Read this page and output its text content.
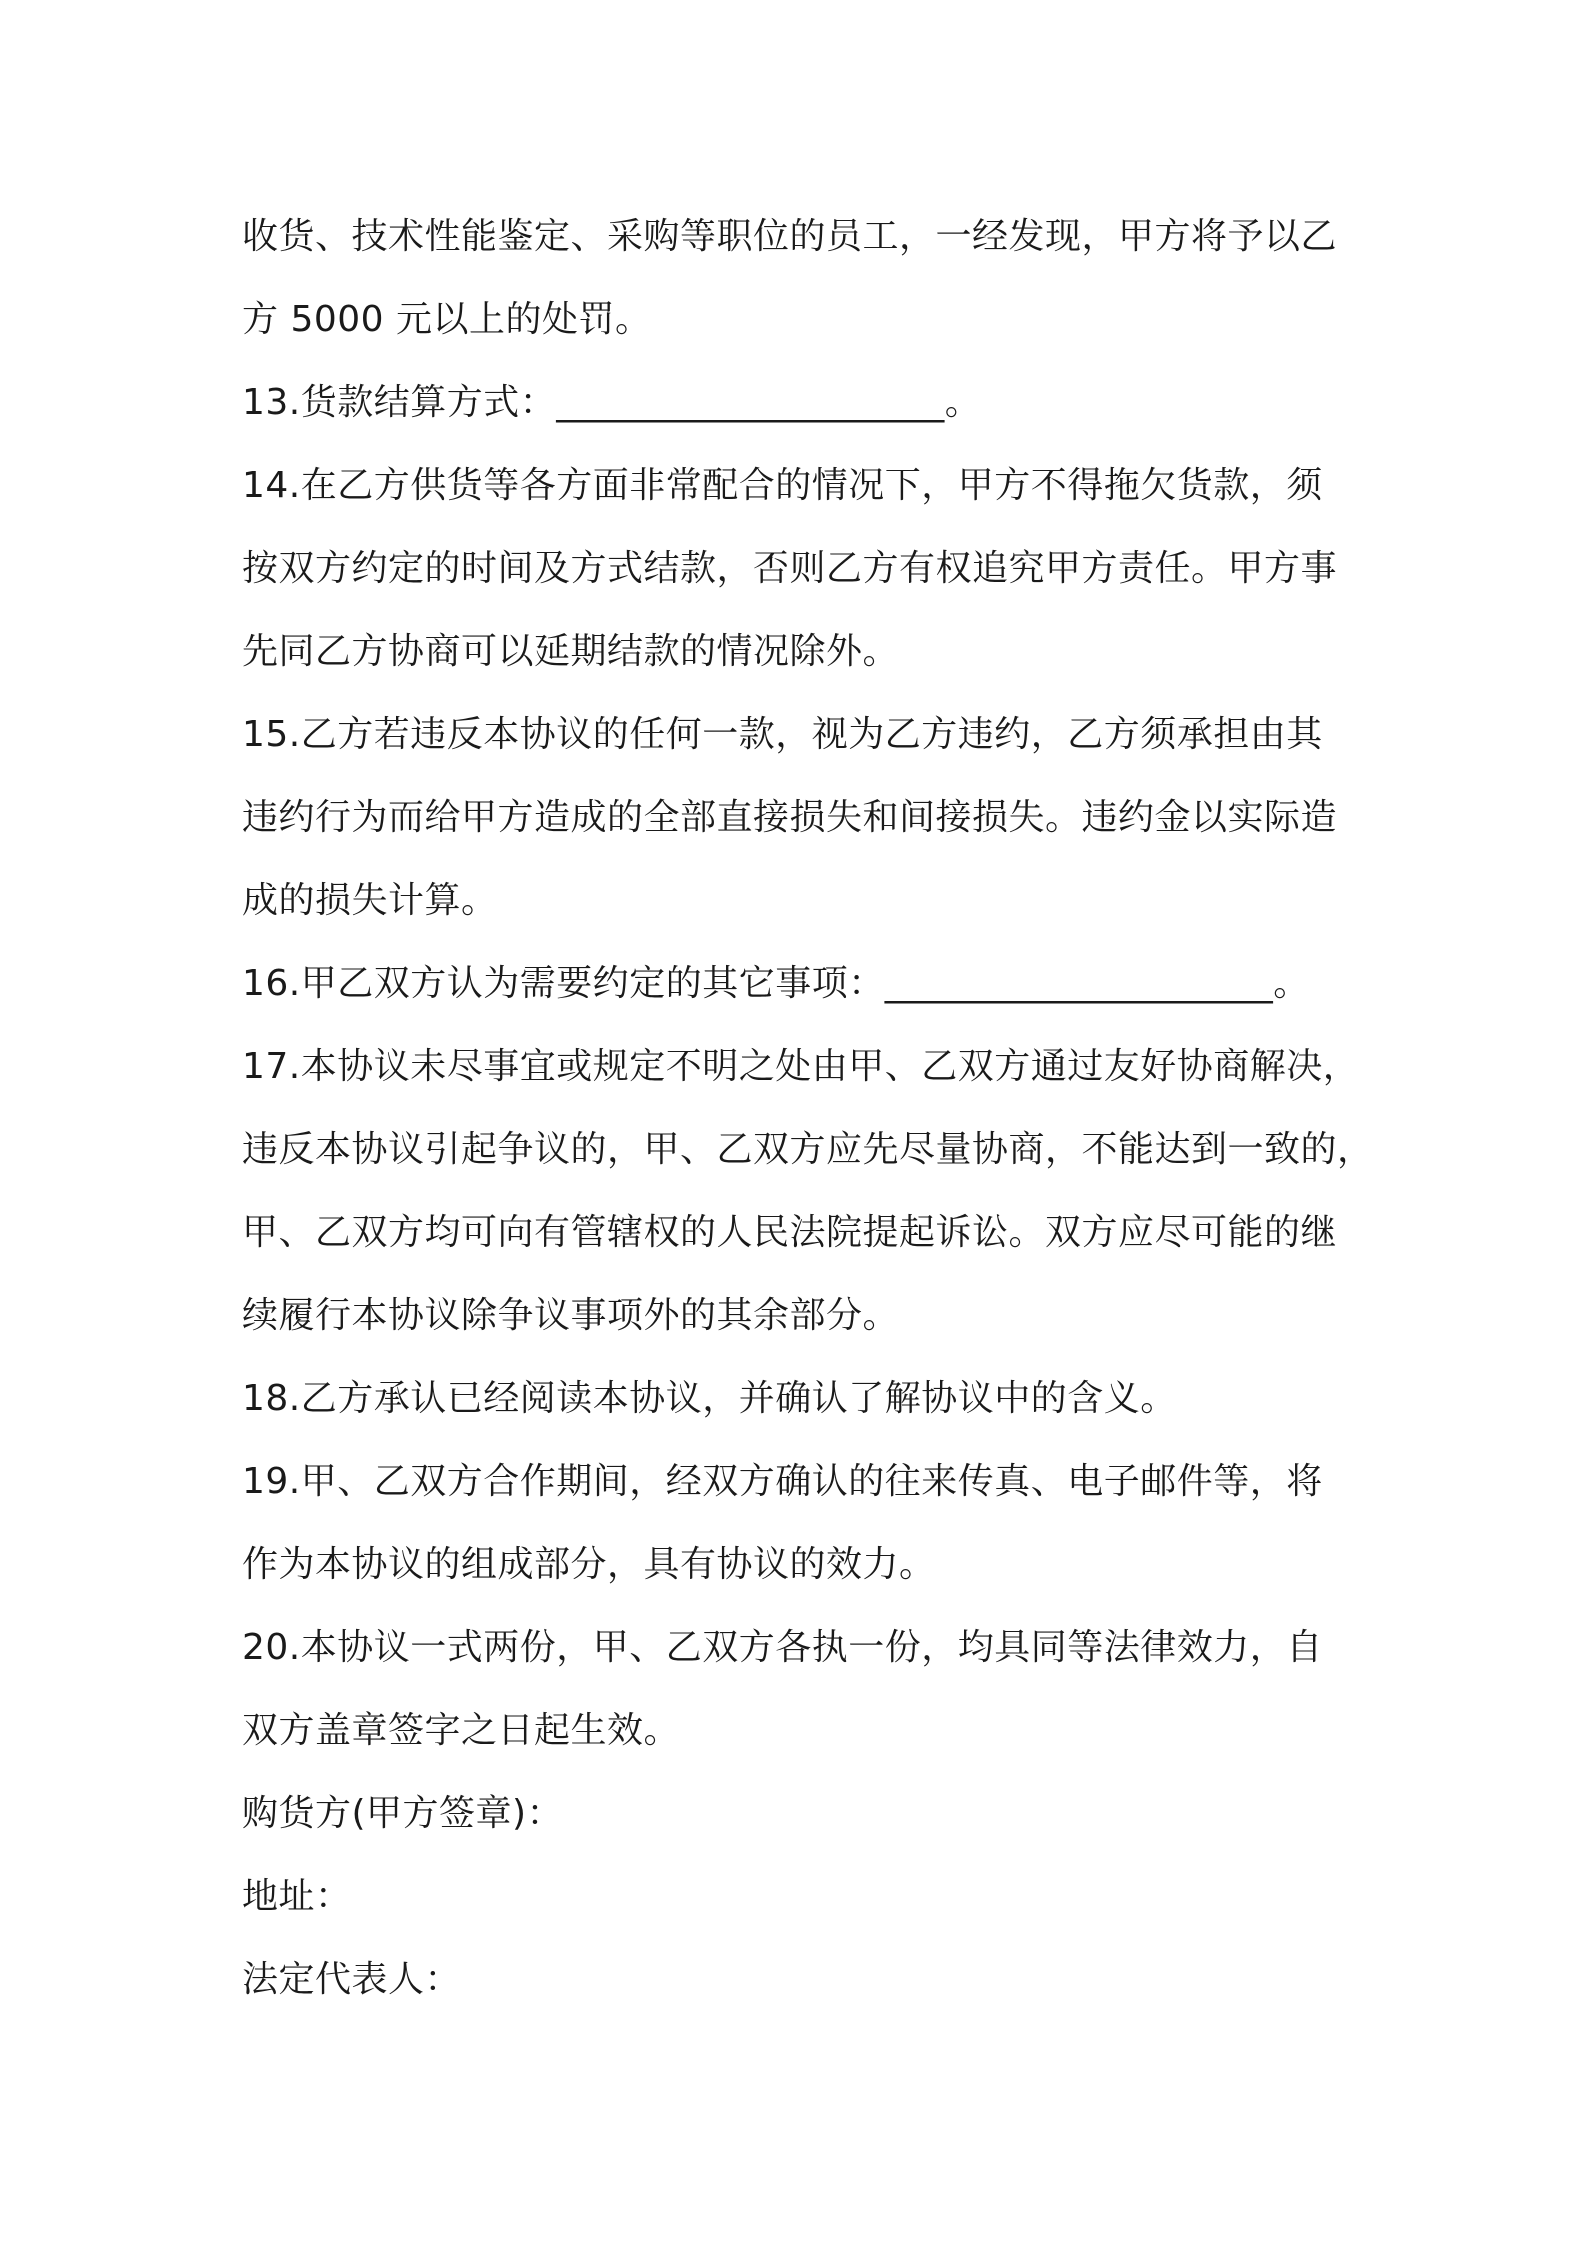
收货、技术性能鉴定、采购等职位的员工，一经发现，甲方将予以乙
方 5000 元以上的处罚。
13.货款结算方式：_____________________。
14.在乙方供货等各方面非常配合的情况下，甲方不得拖欠货款，须
按双方约定的时间及方式结款，否则乙方有权追究甲方责任。甲方事
先同乙方协商可以延期结款的情况除外。
15.乙方若违反本协议的任何一款，视为乙方违约，乙方须承担由其
违约行为而给甲方造成的全部直接损失和间接损失。违约金以实际造
成的损失计算。
16.甲乙双方认为需要约定的其它事项：_____________________。
17.本协议未尽事宜或规定不明之处由甲、乙双方通过友好协商解决，
违反本协议引起争议的，甲、乙双方应先尽量协商，不能达到一致的，
甲、乙双方均可向有管辖权的人民法院提起诉讼。双方应尽可能的继
续履行本协议除争议事项外的其余部分。
18.乙方承认已经阅读本协议，并确认了解协议中的含义。
19.甲、乙双方合作期间，经双方确认的往来传真、电子邮件等，将
作为本协议的组成部分，具有协议的效力。
20.本协议一式两份，甲、乙双方各执一份，均具同等法律效力，自
双方盖章签字之日起生效。
购货方(甲方签章)：
地址：
法定代表人：
